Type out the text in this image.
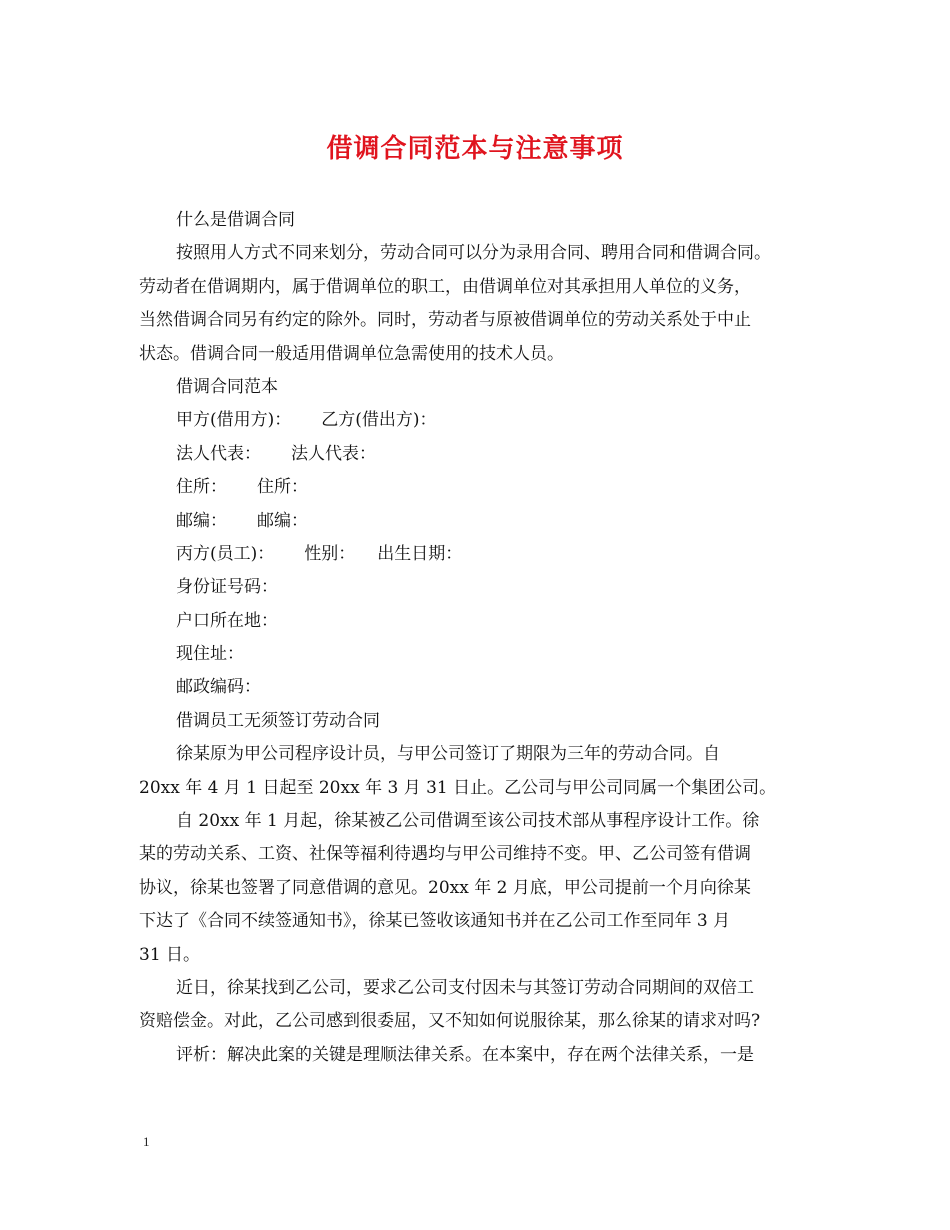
借调合同范本与注意事项
什么是借调合同
按照用人方式不同来划分，劳动合同可以分为录用合同、聘用合同和借调合同。
劳动者在借调期内，属于借调单位的职工，由借调单位对其承担用人单位的义务，
当然借调合同另有约定的除外。同时，劳动者与原被借调单位的劳动关系处于中止
状态。借调合同一般适用借调单位急需使用的技术人员。
借调合同范本
甲方(借用方)： 乙方(借出方)：
法人代表： 法人代表：
住所： 住所：
邮编： 邮编：
丙方(员工)： 性别： 出生日期：
身份证号码：
户口所在地：
现住址：
邮政编码：
借调员工无须签订劳动合同
徐某原为甲公司程序设计员，与甲公司签订了期限为三年的劳动合同。自
20xx 年 4 月 1 日起至 20xx 年 3 月 31 日止。乙公司与甲公司同属一个集团公司。
自 20xx 年 1 月起，徐某被乙公司借调至该公司技术部从事程序设计工作。徐
某的劳动关系、工资、社保等福利待遇均与甲公司维持不变。甲、乙公司签有借调
协议，徐某也签署了同意借调的意见。20xx 年 2 月底，甲公司提前一个月向徐某
下达了《合同不续签通知书》，徐某已签收该通知书并在乙公司工作至同年 3 月
31 日。
近日，徐某找到乙公司，要求乙公司支付因未与其签订劳动合同期间的双倍工
资赔偿金。对此，乙公司感到很委屈，又不知如何说服徐某，那么徐某的请求对吗?
评析：解决此案的关键是理顺法律关系。在本案中，存在两个法律关系，一是
1
